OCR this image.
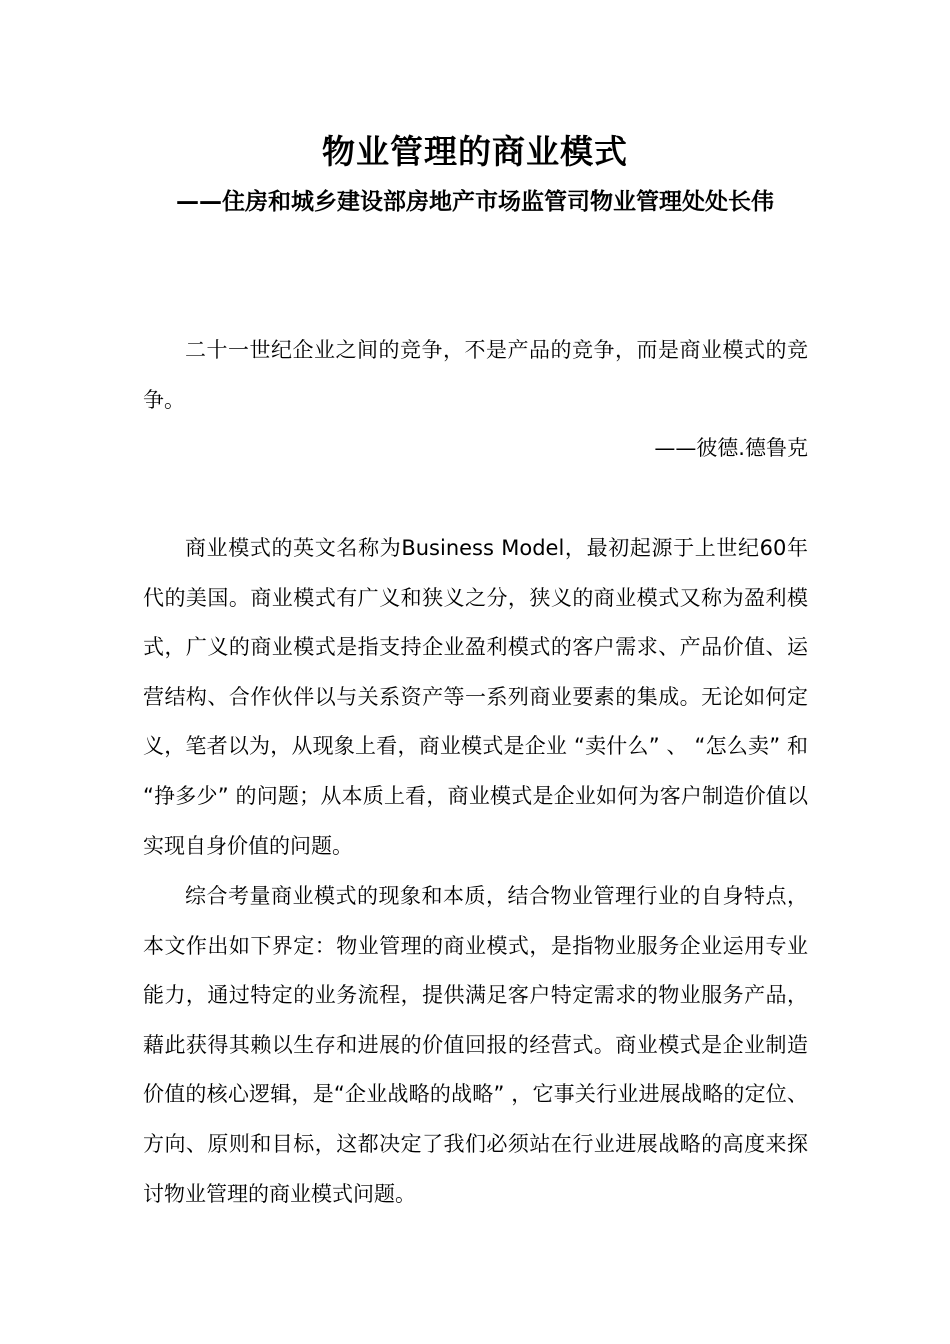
物业管理的商业模式
——住房和城乡建设部房地产市场监管司物业管理处处长伟
二十一世纪企业之间的竞争，不是产品的竞争，而是商业模式的竞争。
——彼德.德鲁克
商业模式的英文名称为Business Model，最初起源于上世纪60年代的美国。商业模式有广义和狭义之分，狭义的商业模式又称为盈利模式，广义的商业模式是指支持企业盈利模式的客户需求、产品价值、运营结构、合作伙伴以与关系资产等一系列商业要素的集成。无论如何定义，笔者以为，从现象上看，商业模式是企业 “卖什么” 、 “怎么卖” 和 “挣多少” 的问题；从本质上看，商业模式是企业如何为客户制造价值以实现自身价值的问题。
综合考量商业模式的现象和本质，结合物业管理行业的自身特点，本文作出如下界定：物业管理的商业模式，是指物业服务企业运用专业能力，通过特定的业务流程，提供满足客户特定需求的物业服务产品，藉此获得其赖以生存和进展的价值回报的经营式。商业模式是企业制造价值的核心逻辑，是“企业战略的战略” ，它事关行业进展战略的定位、方向、原则和目标，这都决定了我们必须站在行业进展战略的高度来探讨物业管理的商业模式问题。
